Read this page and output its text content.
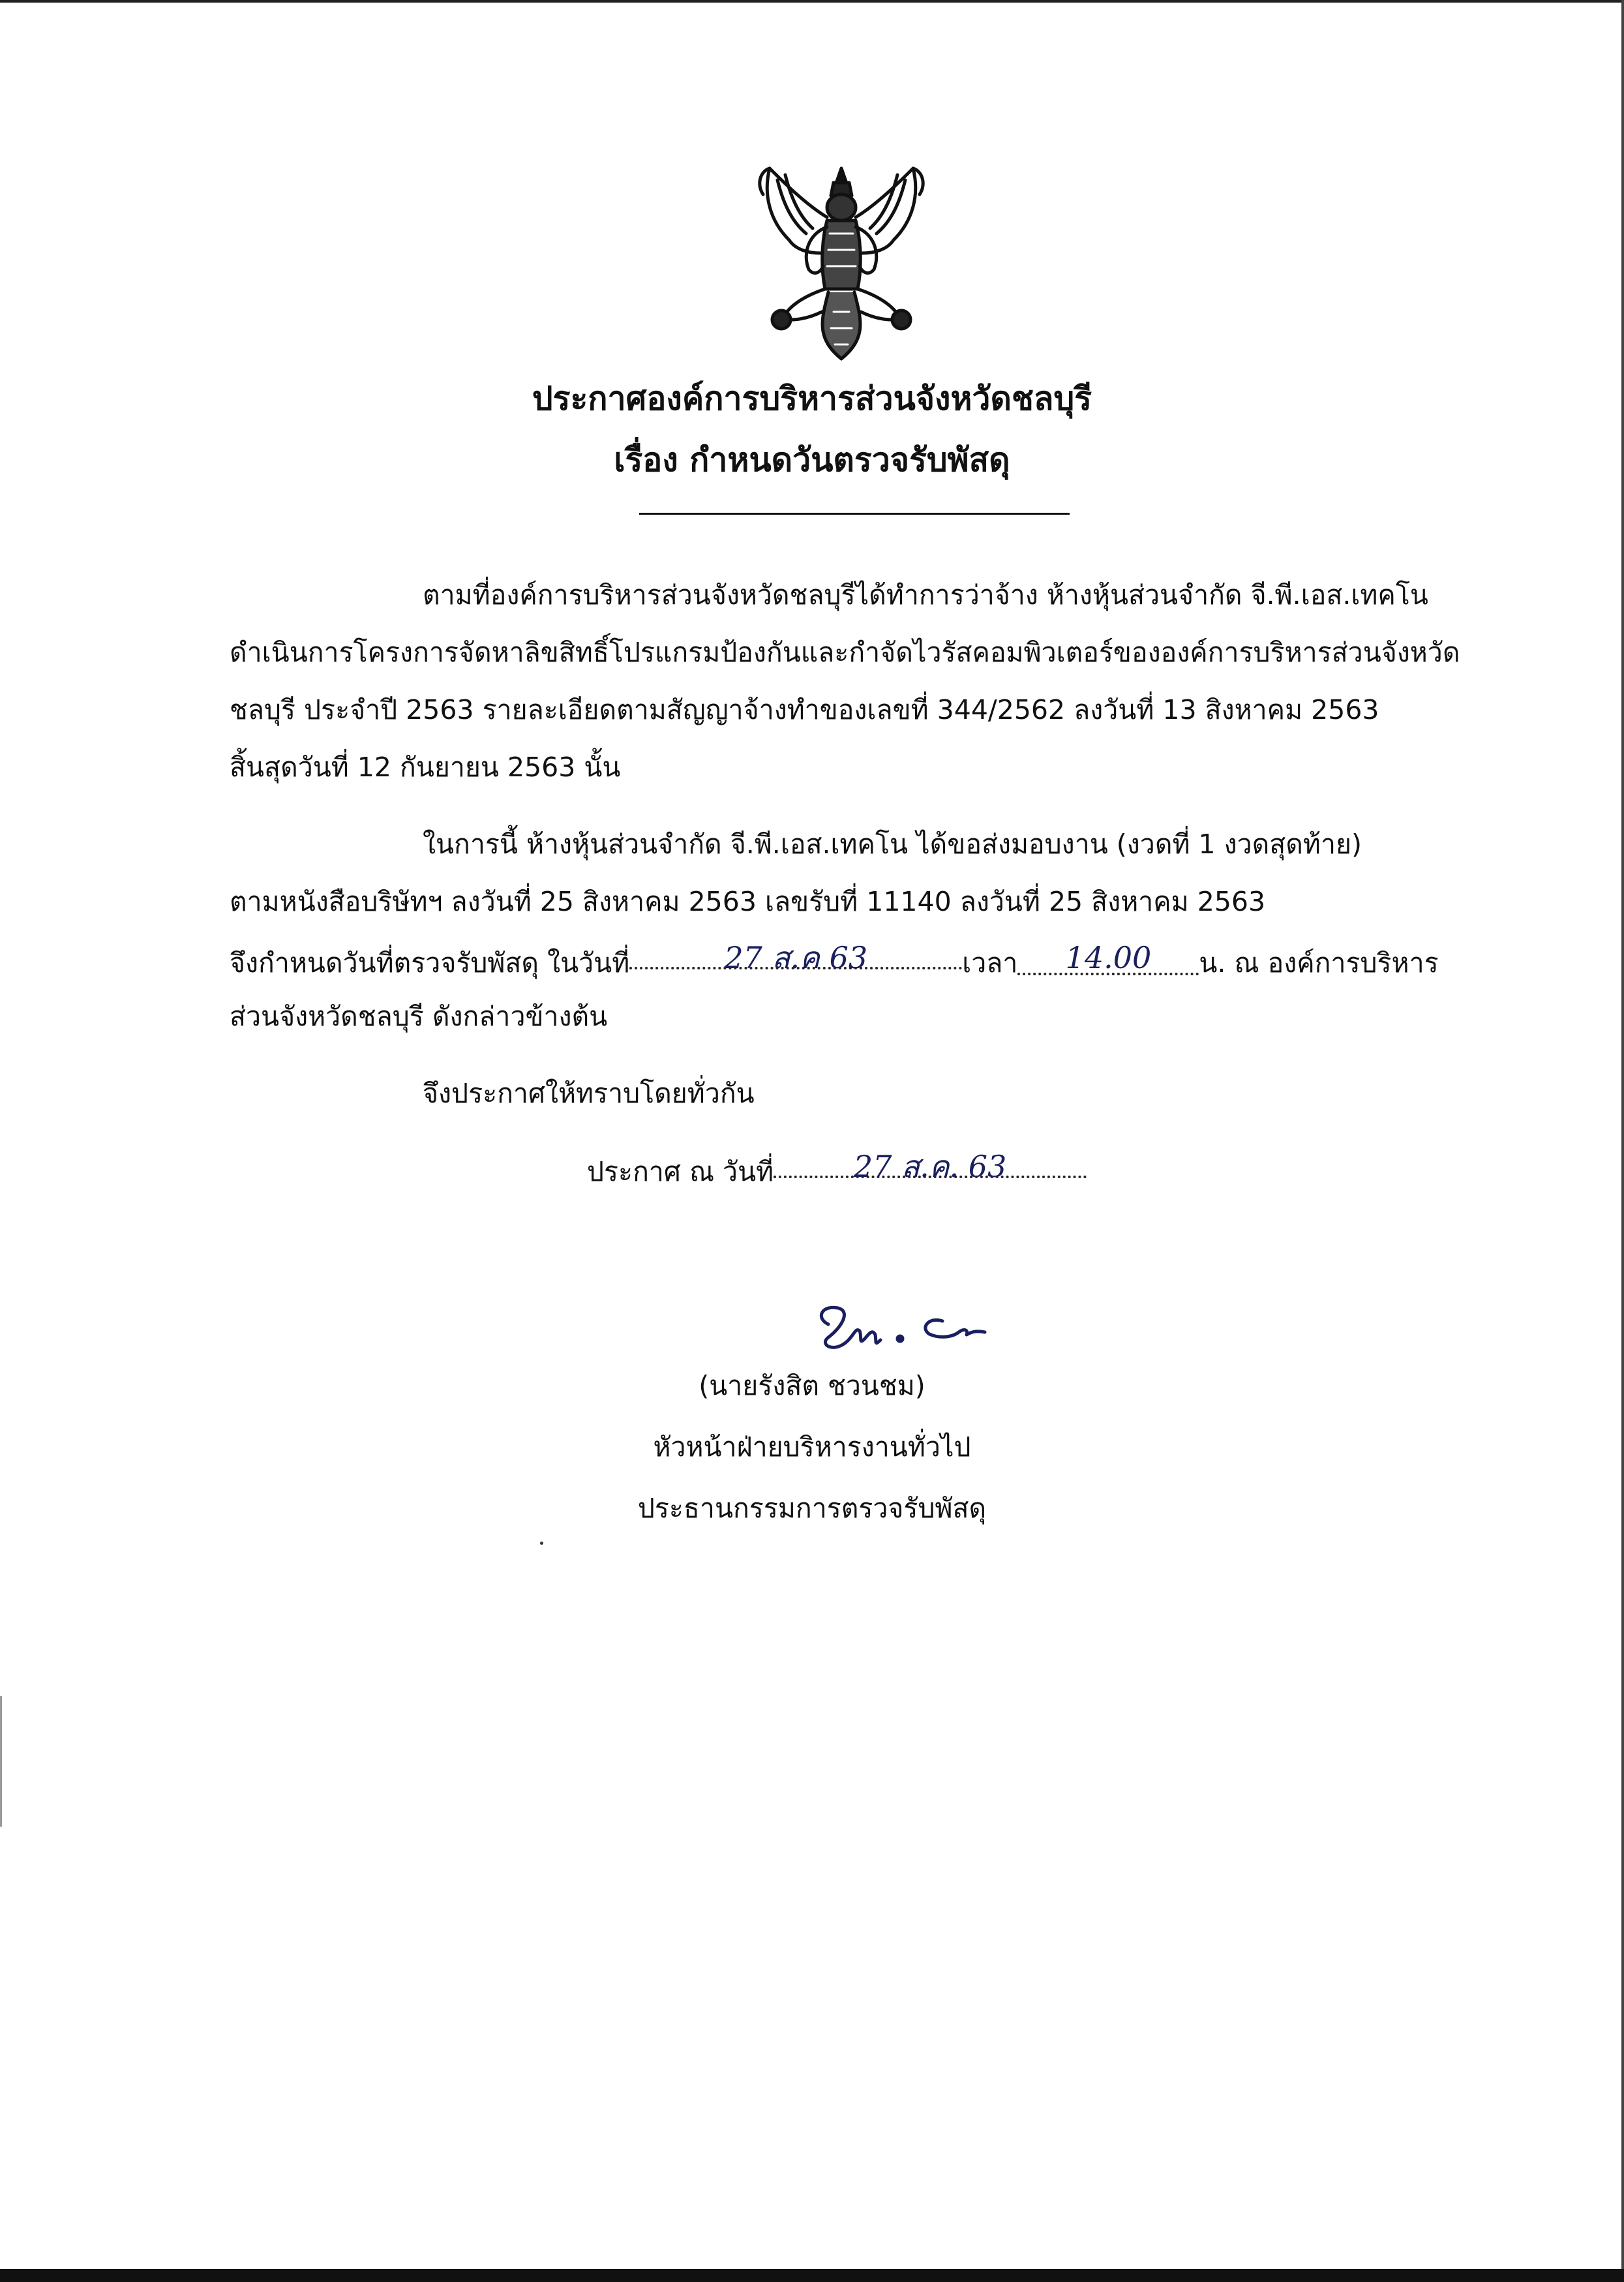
ประกาศองค์การบริหารส่วนจังหวัดชลบุรี
เรื่อง กำหนดวันตรวจรับพัสดุ
ตามที่องค์การบริหารส่วนจังหวัดชลบุรีได้ทำการว่าจ้าง ห้างหุ้นส่วนจำกัด จี.พี.เอส.เทคโน
ดำเนินการโครงการจัดหาลิขสิทธิ์โปรแกรมป้องกันและกำจัดไวรัสคอมพิวเตอร์ขององค์การบริหารส่วนจังหวัด
ชลบุรี ประจำปี 2563 รายละเอียดตามสัญญาจ้างทำของเลขที่ 344/2562 ลงวันที่ 13 สิงหาคม 2563
สิ้นสุดวันที่ 12 กันยายน 2563 นั้น
ในการนี้ ห้างหุ้นส่วนจำกัด จี.พี.เอส.เทคโน ได้ขอส่งมอบงาน (งวดที่ 1 งวดสุดท้าย)
ตามหนังสือบริษัทฯ ลงวันที่ 25 สิงหาคม 2563 เลขรับที่ 11140 ลงวันที่ 25 สิงหาคม 2563
จึงกำหนดวันที่ตรวจรับพัสดุ ในวันที่	27 ส.ค 63	เวลา 14.00 น. ณ องค์การบริหาร
ส่วนจังหวัดชลบุรี ดังกล่าวข้างต้น
จึงประกาศให้ทราบโดยทั่วกัน
ประกาศ ณ วันที่	27 ส.ค. 63
(นายรังสิต ชวนชม)
หัวหน้าฝ่ายบริหารงานทั่วไป
ประธานกรรมการตรวจรับพัสดุ
